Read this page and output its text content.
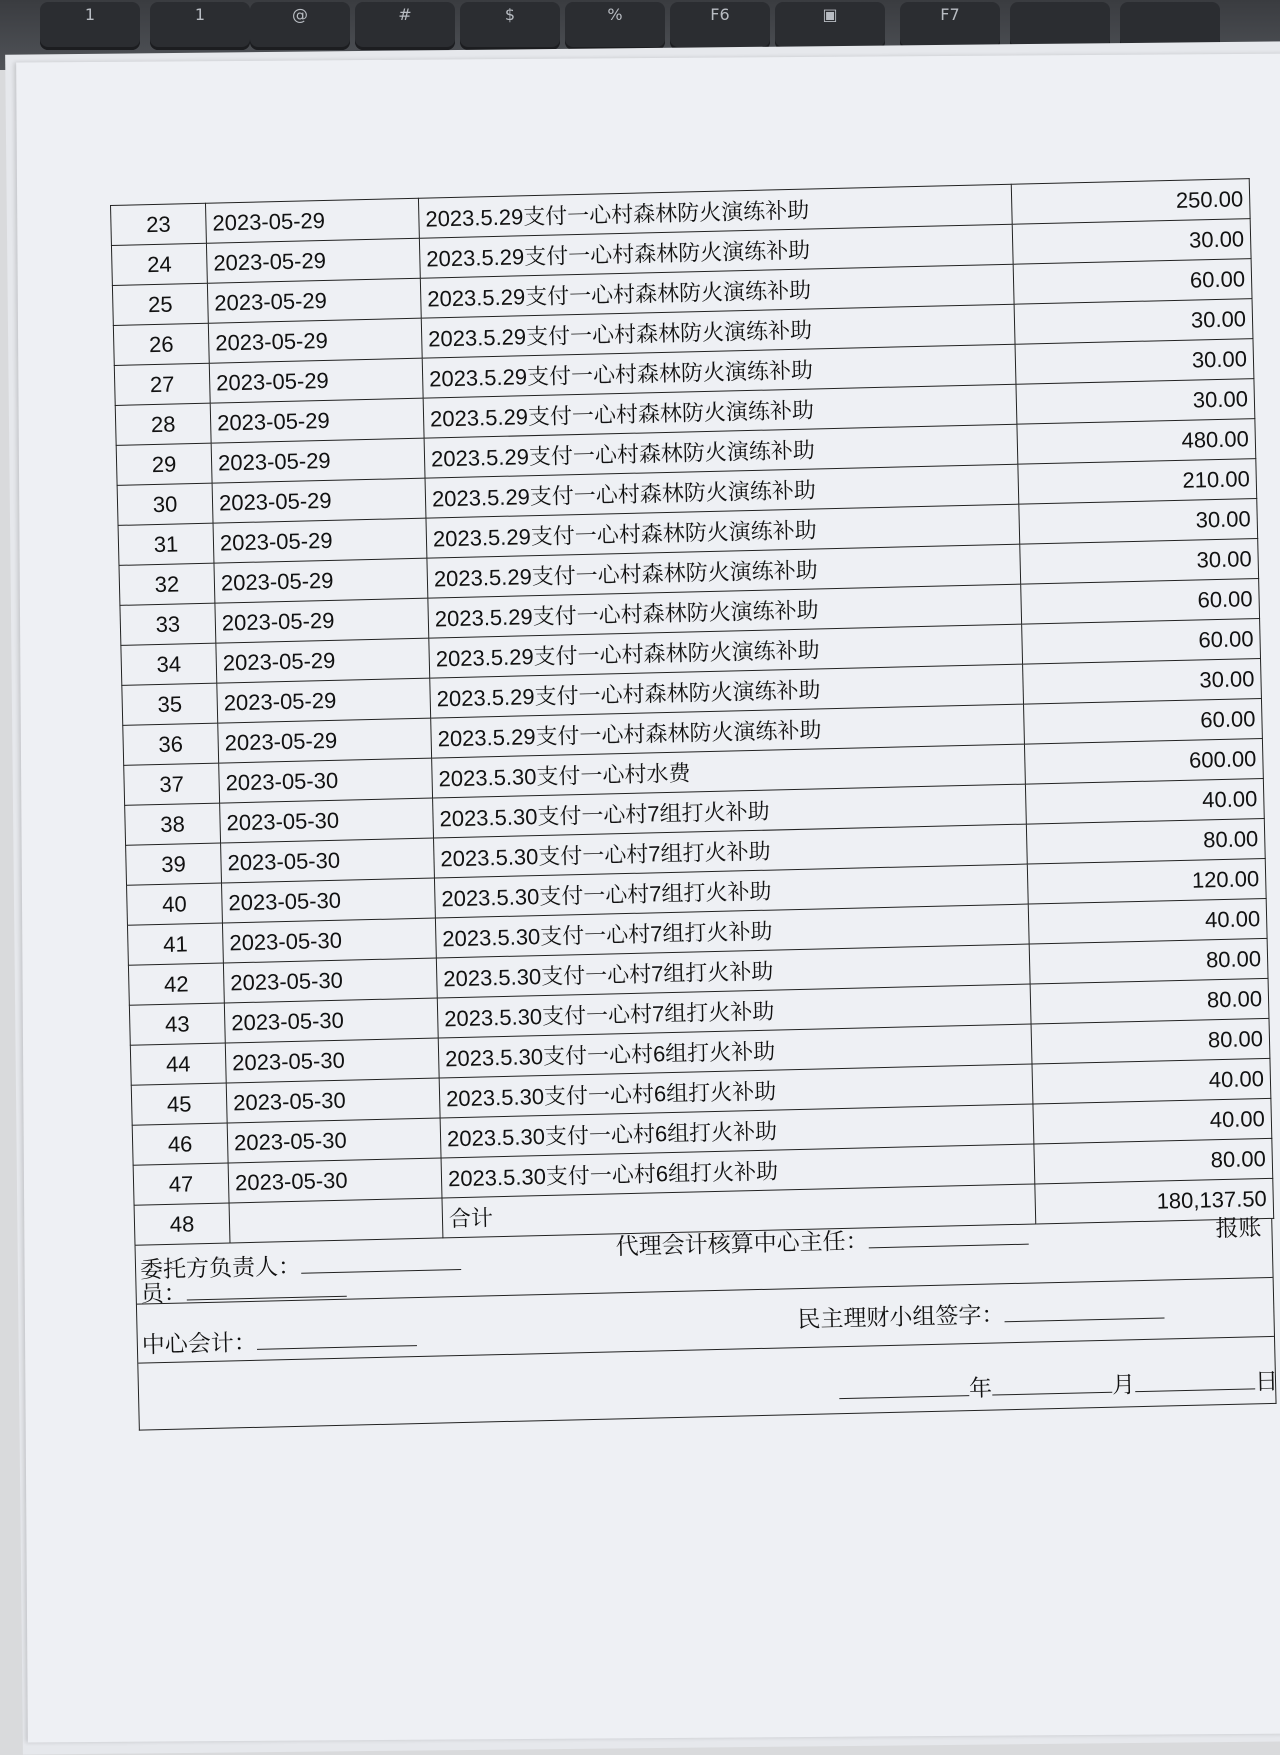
1	1	@	#	$	%	F6	▣	F7
23	2023-05-29	2023.5.29支付一心村森林防火演练补助	250.00
24	2023-05-29	2023.5.29支付一心村森林防火演练补助	30.00
25	2023-05-29	2023.5.29支付一心村森林防火演练补助	60.00
26	2023-05-29	2023.5.29支付一心村森林防火演练补助	30.00
27	2023-05-29	2023.5.29支付一心村森林防火演练补助	30.00
28	2023-05-29	2023.5.29支付一心村森林防火演练补助	30.00
29	2023-05-29	2023.5.29支付一心村森林防火演练补助	480.00
30	2023-05-29	2023.5.29支付一心村森林防火演练补助	210.00
31	2023-05-29	2023.5.29支付一心村森林防火演练补助	30.00
32	2023-05-29	2023.5.29支付一心村森林防火演练补助	30.00
33	2023-05-29	2023.5.29支付一心村森林防火演练补助	60.00
34	2023-05-29	2023.5.29支付一心村森林防火演练补助	60.00
35	2023-05-29	2023.5.29支付一心村森林防火演练补助	30.00
36	2023-05-29	2023.5.29支付一心村森林防火演练补助	60.00
37	2023-05-30	2023.5.30支付一心村水费	600.00
38	2023-05-30	2023.5.30支付一心村7组打火补助	40.00
39	2023-05-30	2023.5.30支付一心村7组打火补助	80.00
40	2023-05-30	2023.5.30支付一心村7组打火补助	120.00
41	2023-05-30	2023.5.30支付一心村7组打火补助	40.00
42	2023-05-30	2023.5.30支付一心村7组打火补助	80.00
43	2023-05-30	2023.5.30支付一心村7组打火补助	80.00
44	2023-05-30	2023.5.30支付一心村6组打火补助	80.00
45	2023-05-30	2023.5.30支付一心村6组打火补助	40.00
46	2023-05-30	2023.5.30支付一心村6组打火补助	40.00
47	2023-05-30	2023.5.30支付一心村6组打火补助	80.00
48		合计	180,137.50
委托方负责人：
代理会计核算中心主任：	报账
员：
中心会计：
民主理财小组签字：
年	月	日
